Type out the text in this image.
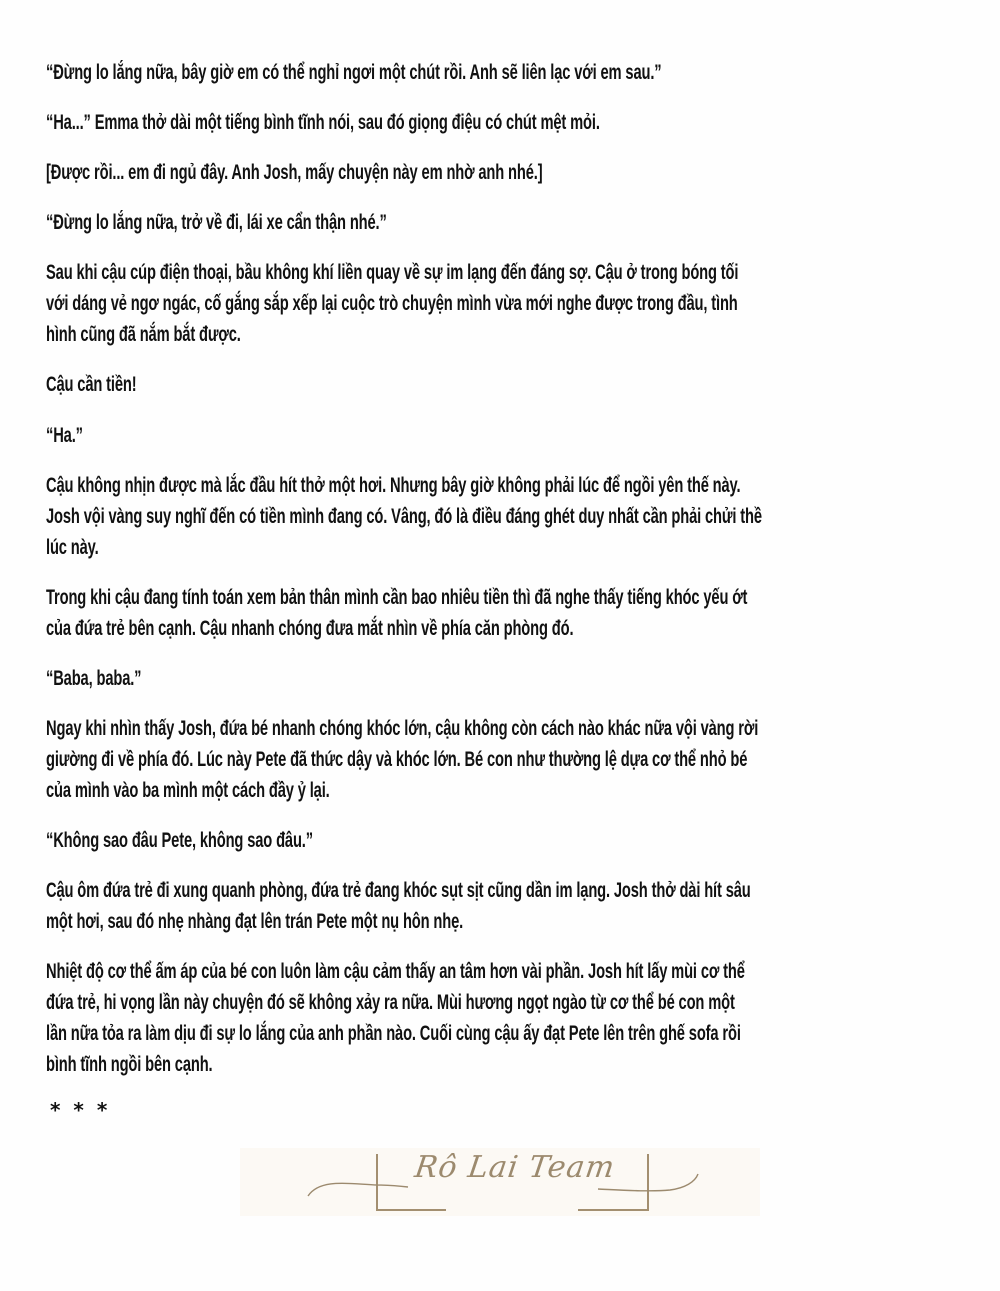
“Đừng lo lắng nữa, bây giờ em có thể nghỉ ngơi một chút rồi. Anh sẽ liên lạc với em sau.”
“Ha...” Emma thở dài một tiếng bình tĩnh nói, sau đó giọng điệu có chút mệt mỏi.
[Được rồi... em đi ngủ đây. Anh Josh, mấy chuyện này em nhờ anh nhé.]
“Đừng lo lắng nữa, trở về đi, lái xe cẩn thận nhé.”
Sau khi cậu cúp điện thoại, bầu không khí liền quay về sự im lạng đến đáng sợ. Cậu ở trong bóng tối
với dáng vẻ ngơ ngác, cố gắng sắp xếp lại cuộc trò chuyện mình vừa mới nghe được trong đầu, tình
hình cũng đã nắm bắt được.
Cậu cần tiền!
“Ha.”
Cậu không nhịn được mà lắc đầu hít thở một hơi. Nhưng bây giờ không phải lúc để ngồi yên thế này.
Josh vội vàng suy nghĩ đến có tiền mình đang có. Vâng, đó là điều đáng ghét duy nhất cần phải chửi thề
lúc này.
Trong khi cậu đang tính toán xem bản thân mình cần bao nhiêu tiền thì đã nghe thấy tiếng khóc yếu ớt
của đứa trẻ bên cạnh. Cậu nhanh chóng đưa mắt nhìn về phía căn phòng đó.
“Baba, baba.”
Ngay khi nhìn thấy Josh, đứa bé nhanh chóng khóc lớn, cậu không còn cách nào khác nữa vội vàng rời
giường đi về phía đó. Lúc này Pete đã thức dậy và khóc lớn. Bé con như thường lệ dựa cơ thể nhỏ bé
của mình vào ba mình một cách đầy ỷ lại.
“Không sao đâu Pete, không sao đâu.”
Cậu ôm đứa trẻ đi xung quanh phòng, đứa trẻ đang khóc sụt sịt cũng dần im lạng. Josh thở dài hít sâu
một hơi, sau đó nhẹ nhàng đạt lên trán Pete một nụ hôn nhẹ.
Nhiệt độ cơ thể ấm áp của bé con luôn làm cậu cảm thấy an tâm hơn vài phần. Josh hít lấy mùi cơ thể
đứa trẻ, hi vọng lần này chuyện đó sẽ không xảy ra nữa. Mùi hương ngọt ngào từ cơ thể bé con một
lần nữa tỏa ra làm dịu đi sự lo lắng của anh phần nào. Cuối cùng cậu ấy đạt Pete lên trên ghế sofa rồi
bình tĩnh ngồi bên cạnh.
* * *
Rô Lai Team
